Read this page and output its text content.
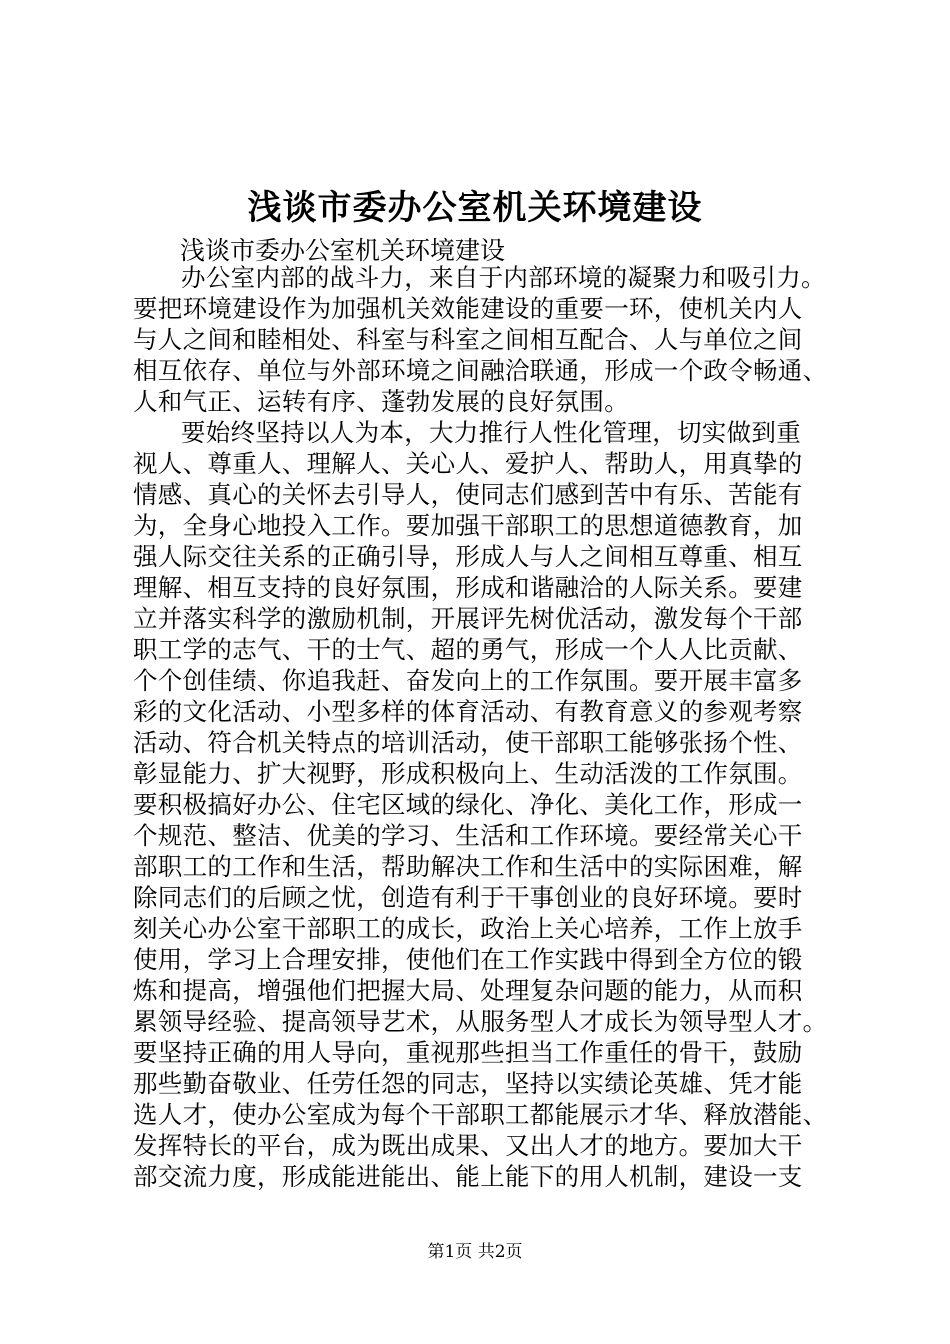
浅谈市委办公室机关环境建设
浅谈市委办公室机关环境建设
办公室内部的战斗力，来自于内部环境的凝聚力和吸引力。
要把环境建设作为加强机关效能建设的重要一环，使机关内人
与人之间和睦相处、科室与科室之间相互配合、人与单位之间
相互依存、单位与外部环境之间融洽联通，形成一个政令畅通、
人和气正、运转有序、蓬勃发展的良好氛围。
要始终坚持以人为本，大力推行人性化管理，切实做到重
视人、尊重人、理解人、关心人、爱护人、帮助人，用真挚的
情感、真心的关怀去引导人，使同志们感到苦中有乐、苦能有
为，全身心地投入工作。要加强干部职工的思想道德教育，加
强人际交往关系的正确引导，形成人与人之间相互尊重、相互
理解、相互支持的良好氛围，形成和谐融洽的人际关系。要建
立并落实科学的激励机制，开展评先树优活动，激发每个干部
职工学的志气、干的士气、超的勇气，形成一个人人比贡献、
个个创佳绩、你追我赶、奋发向上的工作氛围。要开展丰富多
彩的文化活动、小型多样的体育活动、有教育意义的参观考察
活动、符合机关特点的培训活动，使干部职工能够张扬个性、
彰显能力、扩大视野，形成积极向上、生动活泼的工作氛围。
要积极搞好办公、住宅区域的绿化、净化、美化工作，形成一
个规范、整洁、优美的学习、生活和工作环境。要经常关心干
部职工的工作和生活，帮助解决工作和生活中的实际困难，解
除同志们的后顾之忧，创造有利于干事创业的良好环境。要时
刻关心办公室干部职工的成长，政治上关心培养，工作上放手
使用，学习上合理安排，使他们在工作实践中得到全方位的锻
炼和提高，增强他们把握大局、处理复杂问题的能力，从而积
累领导经验、提高领导艺术，从服务型人才成长为领导型人才。
要坚持正确的用人导向，重视那些担当工作重任的骨干，鼓励
那些勤奋敬业、任劳任怨的同志，坚持以实绩论英雄、凭才能
选人才，使办公室成为每个干部职工都能展示才华、释放潜能、
发挥特长的平台，成为既出成果、又出人才的地方。要加大干
部交流力度，形成能进能出、能上能下的用人机制，建设一支
第1页 共2页
